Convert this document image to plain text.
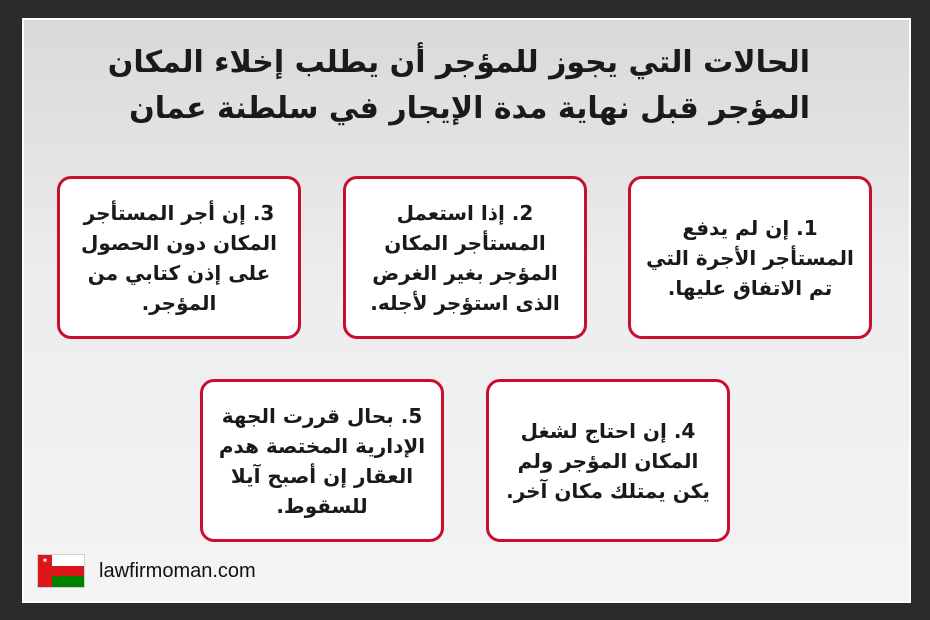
الحالات التي يجوز للمؤجر أن يطلب إخلاء المكان المؤجر قبل نهاية مدة الإيجار في سلطنة عمان
1. إن لم يدفع المستأجر الأجرة التي تم الاتفاق عليها.
2. إذا استعمل المستأجر المكان المؤجر بغير الغرض الذى استؤجر لأجله.
3. إن أجر المستأجر المكان دون الحصول على إذن كتابي من المؤجر.
4. إن احتاج لشغل المكان المؤجر ولم يكن يمتلك مكان آخر.
5. بحال قررت الجهة الإدارية المختصة هدم العقار إن أصبح آيلا للسقوط.
✶	lawfirmoman.com
